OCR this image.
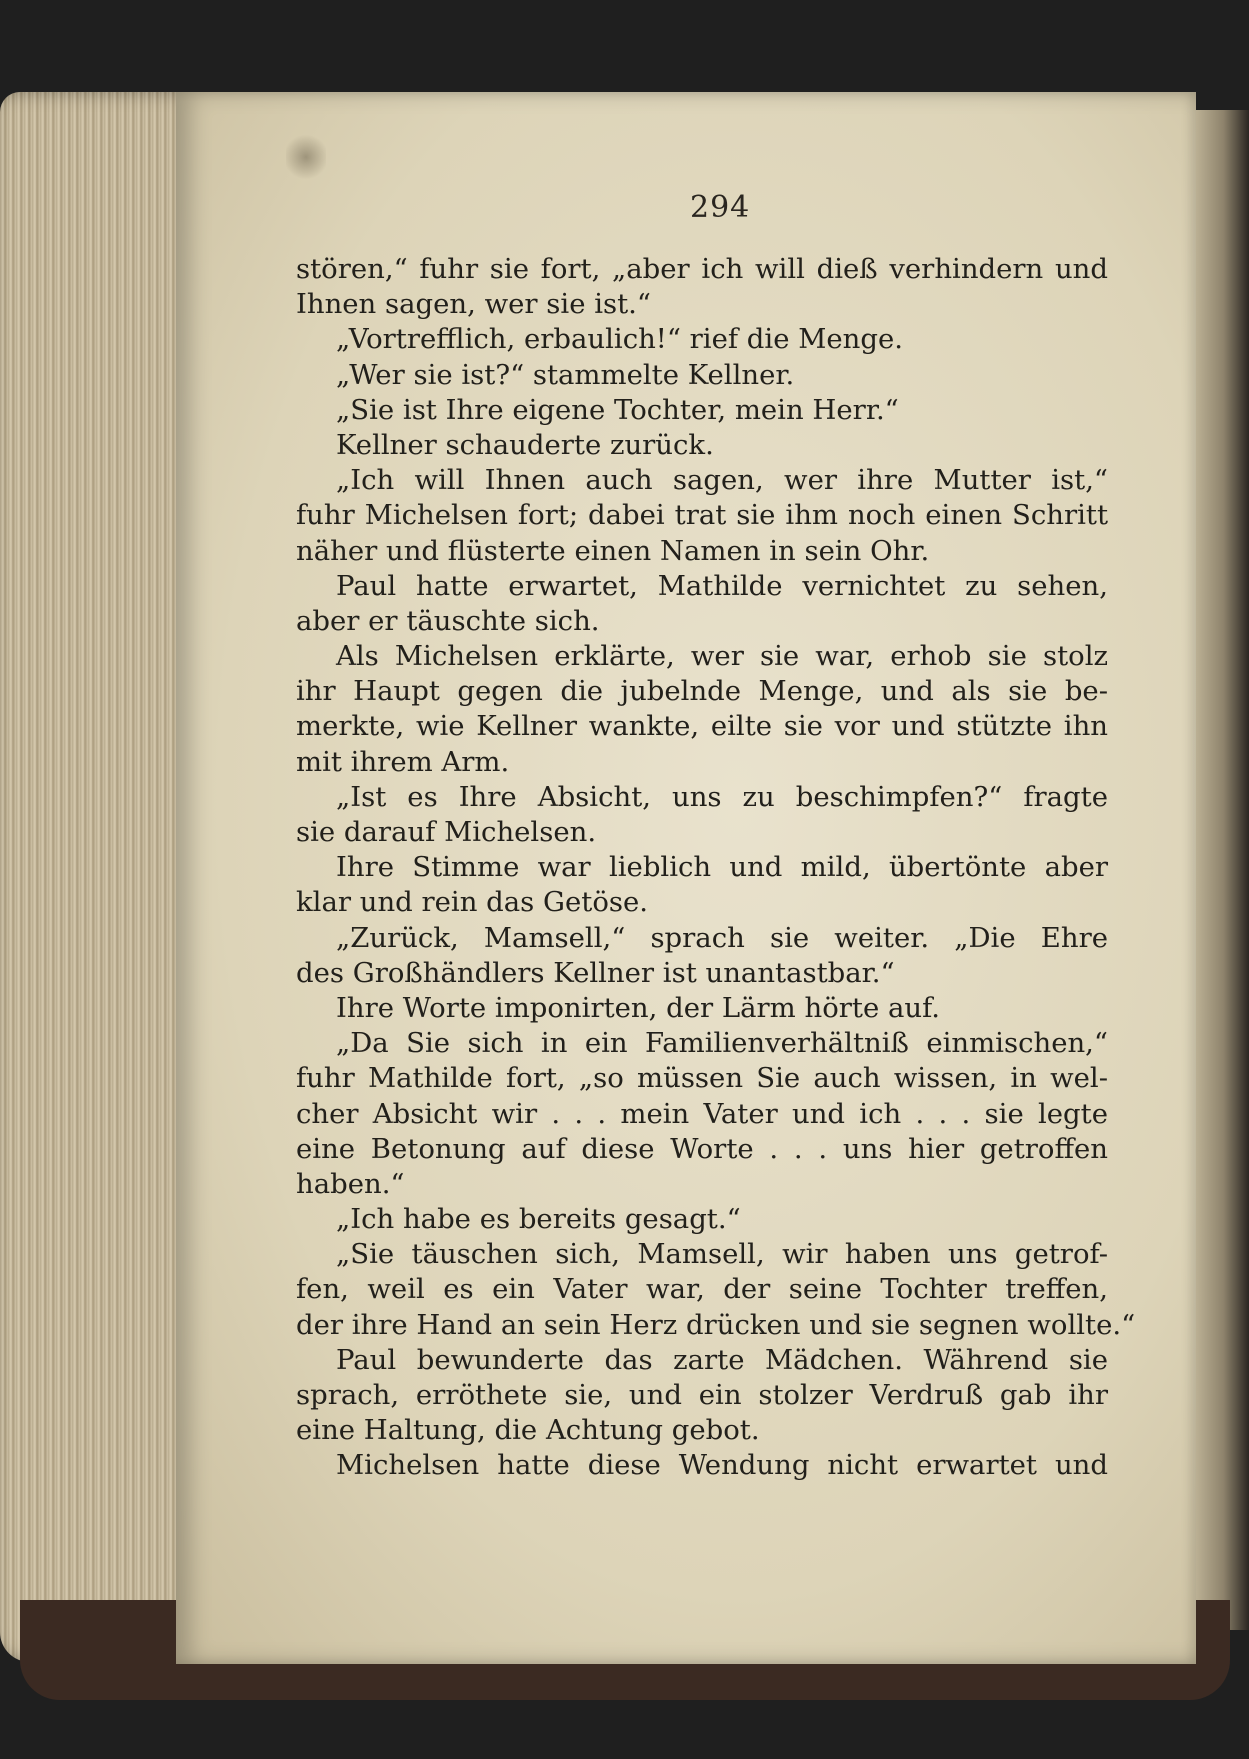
294
stören,“ fuhr sie fort, „aber ich will dieß verhindern und
Ihnen sagen, wer sie ist.“
„Vortrefflich, erbaulich!“ rief die Menge.
„Wer sie ist?“ stammelte Kellner.
„Sie ist Ihre eigene Tochter, mein Herr.“
Kellner schauderte zurück.
„Ich will Ihnen auch sagen, wer ihre Mutter ist,“
fuhr Michelsen fort; dabei trat sie ihm noch einen Schritt
näher und flüsterte einen Namen in sein Ohr.
Paul hatte erwartet, Mathilde vernichtet zu sehen,
aber er täuschte sich.
Als Michelsen erklärte, wer sie war, erhob sie stolz
ihr Haupt gegen die jubelnde Menge, und als sie be-
merkte, wie Kellner wankte, eilte sie vor und stützte ihn
mit ihrem Arm.
„Ist es Ihre Absicht, uns zu beschimpfen?“ fragte
sie darauf Michelsen.
Ihre Stimme war lieblich und mild, übertönte aber
klar und rein das Getöse.
„Zurück, Mamsell,“ sprach sie weiter. „Die Ehre
des Großhändlers Kellner ist unantastbar.“
Ihre Worte imponirten, der Lärm hörte auf.
„Da Sie sich in ein Familienverhältniß einmischen,“
fuhr Mathilde fort, „so müssen Sie auch wissen, in wel-
cher Absicht wir . . . mein Vater und ich . . . sie legte
eine Betonung auf diese Worte . . . uns hier getroffen
haben.“
„Ich habe es bereits gesagt.“
„Sie täuschen sich, Mamsell, wir haben uns getrof-
fen, weil es ein Vater war, der seine Tochter treffen,
der ihre Hand an sein Herz drücken und sie segnen wollte.“
Paul bewunderte das zarte Mädchen. Während sie
sprach, erröthete sie, und ein stolzer Verdruß gab ihr
eine Haltung, die Achtung gebot.
Michelsen hatte diese Wendung nicht erwartet und
